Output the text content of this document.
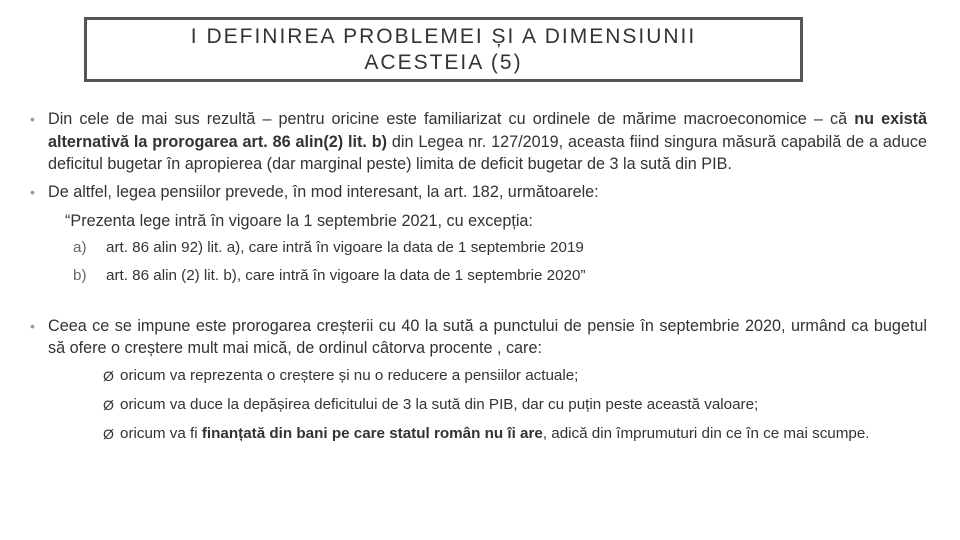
I DEFINIREA PROBLEMEI ȘI A DIMENSIUNII
ACESTEIA (5)
• Din cele de mai sus rezultă – pentru oricine este familiarizat cu ordinele de mărime macroeconomice – că nu există alternativă la prorogarea art. 86 alin(2) lit. b) din Legea nr. 127/2019, aceasta fiind singura măsură capabilă de a aduce deficitul bugetar în apropierea (dar marginal peste) limita de deficit bugetar de 3 la sută din PIB.
• De altfel, legea pensiilor prevede, în mod interesant, la art. 182, următoarele:
“Prezenta lege intră în vigoare la 1 septembrie 2021, cu excepția:
a)	art. 86 alin 92) lit. a), care intră în vigoare la data de 1 septembrie 2019
b)	art. 86 alin (2) lit. b), care intră în vigoare la data de 1 septembrie 2020”
• Ceea ce se impune este prorogarea creșterii cu 40 la sută a punctului de pensie în septembrie 2020, urmând ca bugetul să ofere o creștere mult mai mică, de ordinul câtorva procente , care:
Ø oricum va reprezenta o creștere și nu o reducere a pensiilor actuale;
Ø oricum va duce la depășirea deficitului de 3 la sută din PIB, dar cu puțin peste această valoare;
Ø oricum va fi finanțată din bani pe care statul român nu îi are, adică din împrumuturi din ce în ce mai scumpe.
